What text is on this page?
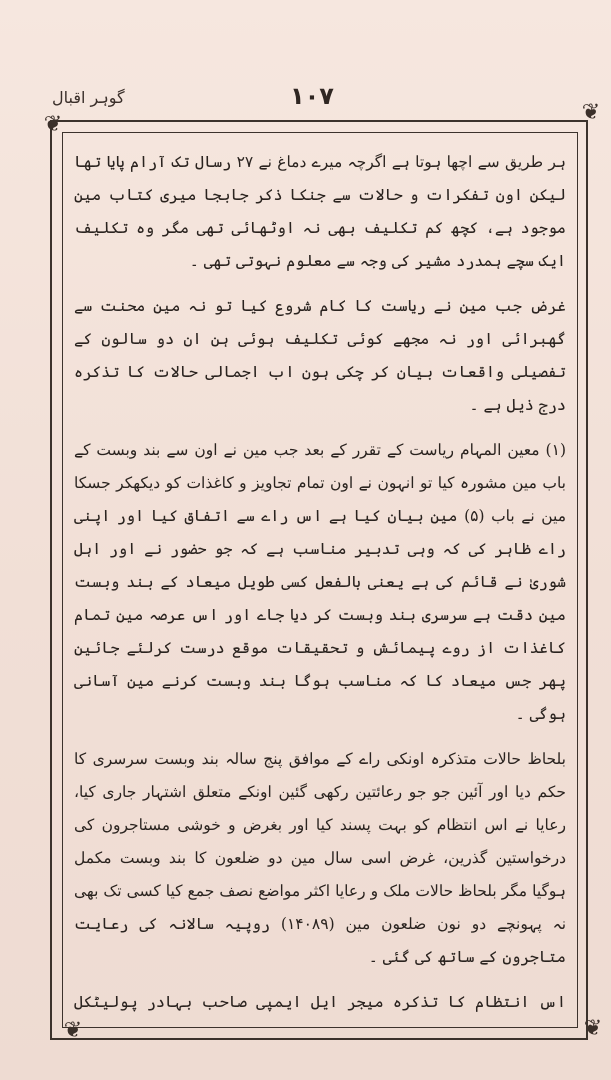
گوہر اقبال	١٠٧
❦	❦
❦	❦

ہر طریق سے اچھا ہوتا ہے اگرچہ میرے دماغ نے ۲۷ رسال تک آرام پایا تھا لیکن اون تفکرات و حالات سے جنکا ذکر جابجا میری کتاب مین موجود ہے، کچھ کم تکلیف بھی نہ اوٹھائی تھی مگر وہ تکلیف ایک سچے ہمدرد مشیر کی وجہ سے معلوم نہوتی تھی ۔

غرض جب مین نے ریاست کا کام شروع کیا تو نہ مین محنت سے گھبرائی اور نہ مجھے کوئی تکلیف ہوئی ہن ان دو سالون کے تفصیلی واقعات بیان کر چکی ہون اب اجمالی حالات کا تذکرہ درج ذیل ہے ۔

(۱) معین المہام ریاست کے تقرر کے بعد جب مین نے اون سے بند وبست کے باب مین مشورہ کیا تو انہون نے اون تمام تجاویز و کاغذات کو دیکھکر جسکا مین نے باب (۵) مین بیان کیا ہے اس راے سے اتفاق کیا اور اپنی راے ظاہر کی کہ وہی تدبیر مناسب ہے کہ جو حضور نے اور اہل شوریٰ نے قائم کی ہے یعنی بالفعل کسی طویل میعاد کے بند وبست مین دقت ہے سرسری بند وبست کر دیا جاے اور اس عرصہ مین تمام کاغذات از روے پیمائش و تحقیقات موقع درست کرلئے جائین پھر جس میعاد کا کہ مناسب ہوگا بند وبست کرنے مین آسانی ہوگی ۔

بلحاظ حالات متذکرہ اونکی راے کے موافق پنج سالہ بند وبست سرسری کا حکم دیا اور آئین جو جو رعائتین رکھی گئین اونکے متعلق اشتہار جاری کیا، رعایا نے اس انتظام کو بہت پسند کیا اور بغرض و خوشی مستاجرون کی درخواستین گذرین، غرض اسی سال مین دو ضلعون کا بند وبست مکمل ہوگیا مگر بلحاظ حالات ملک و رعایا اکثر مواضع نصف جمع کیا کسی تک بھی نہ پہونچے دو نون ضلعون مین (۱۴۰۸۹) روپیہ سالانہ کی رعایت متاجرون کے ساتھ کی گئی ۔

اس انتظام کا تذکرہ میجر ایل ایمپی صاحب بہادر پولیٹکل
